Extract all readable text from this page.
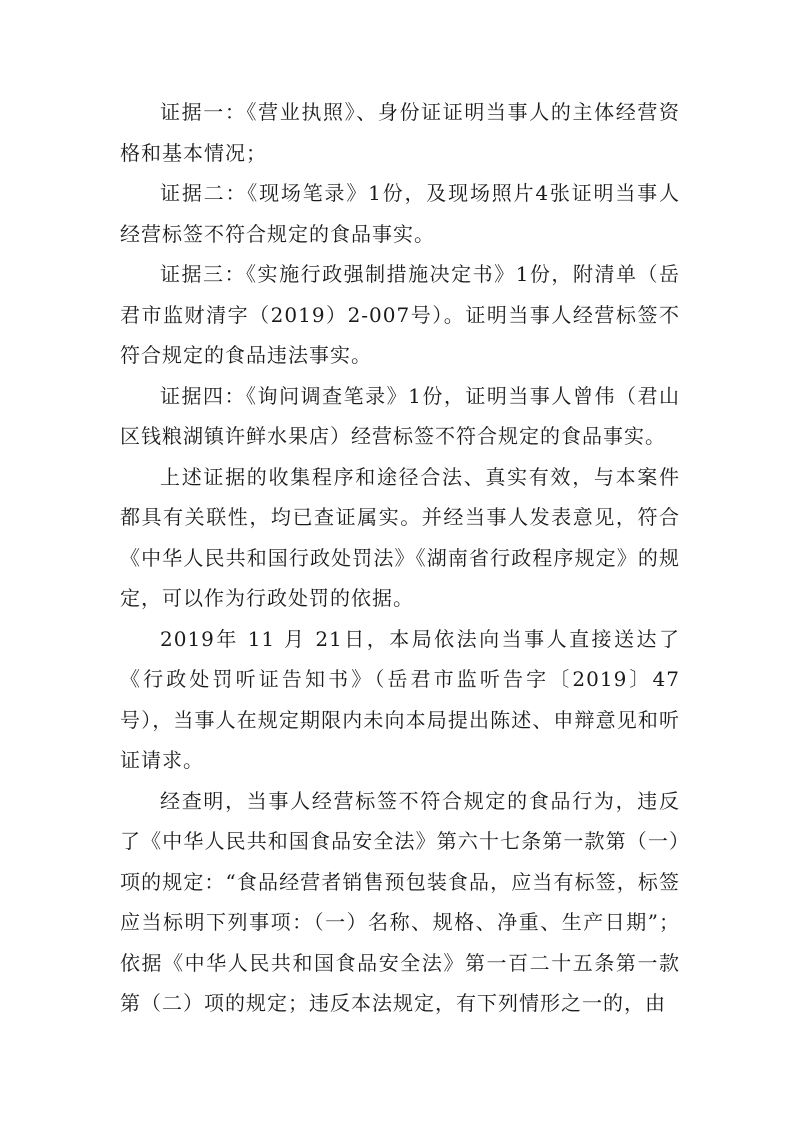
证据一：《营业执照》、身份证证明当事人的主体经营资格和基本情况；

证据二：《现场笔录》1份，及现场照片4张证明当事人经营标签不符合规定的食品事实。

证据三：《实施行政强制措施决定书》1份，附清单（岳君市监财清字（2019）2-007号）。证明当事人经营标签不符合规定的食品违法事实。

证据四：《询问调查笔录》1份，证明当事人曾伟（君山区钱粮湖镇许鲜水果店）经营标签不符合规定的食品事实。

上述证据的收集程序和途径合法、真实有效，与本案件都具有关联性，均已查证属实。并经当事人发表意见，符合《中华人民共和国行政处罚法》《湖南省行政程序规定》的规定，可以作为行政处罚的依据。

2019年 11 月 21日，本局依法向当事人直接送达了《行政处罚听证告知书》（岳君市监听告字〔2019〕47号），当事人在规定期限内未向本局提出陈述、申辩意见和听证请求。

经查明，当事人经营标签不符合规定的食品行为，违反了《中华人民共和国食品安全法》第六十七条第一款第（一）项的规定：“食品经营者销售预包装食品，应当有标签，标签应当标明下列事项：（一）名称、规格、净重、生产日期”；依据《中华人民共和国食品安全法》第一百二十五条第一款第（二）项的规定；违反本法规定，有下列情形之一的，由
